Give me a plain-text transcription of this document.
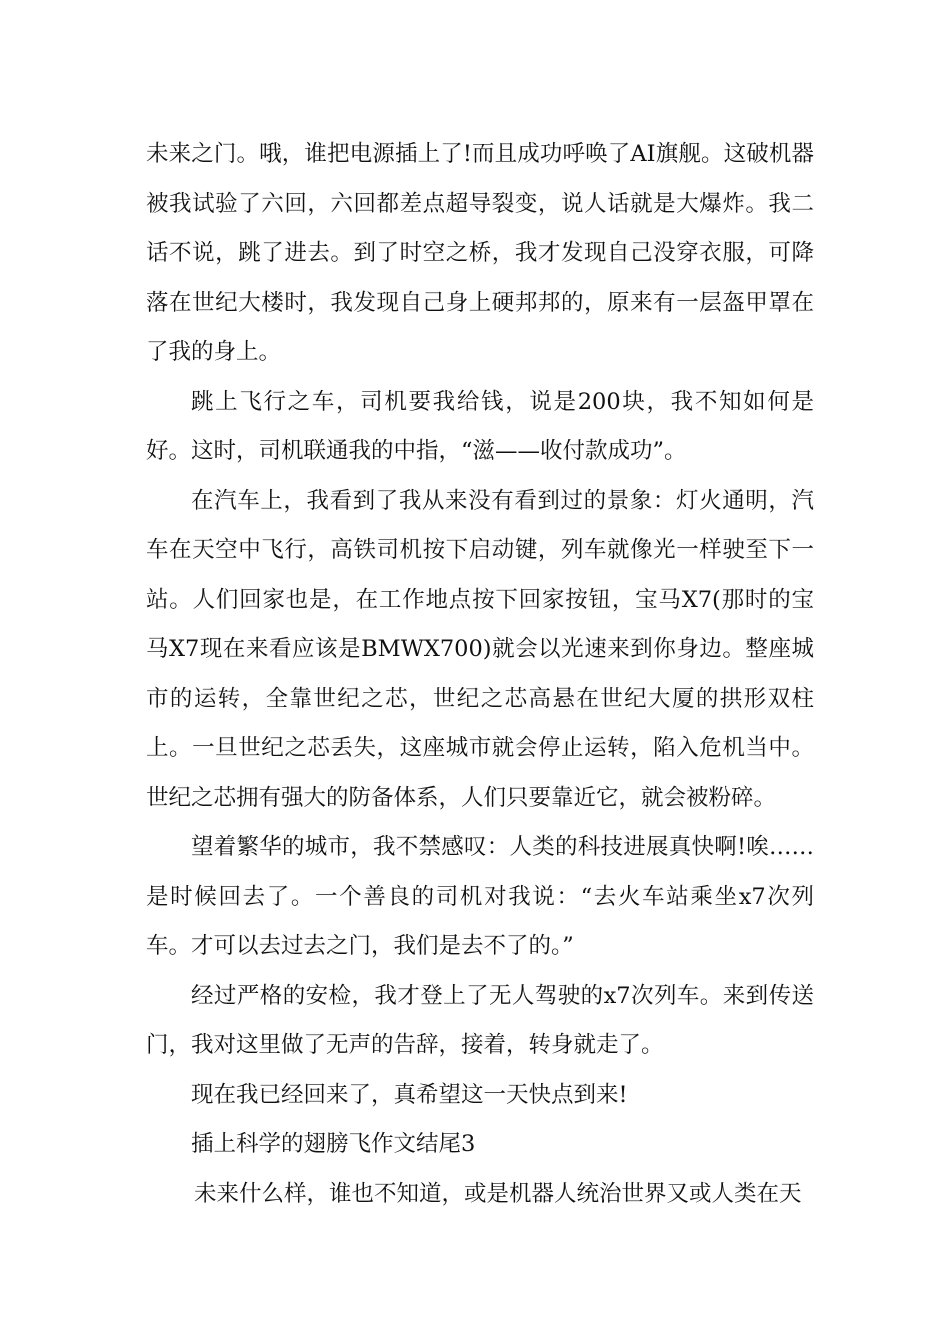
未来之门。哦，谁把电源插上了!而且成功呼唤了AI旗舰。这破机器被我试验了六回，六回都差点超导裂变，说人话就是大爆炸。我二话不说，跳了进去。到了时空之桥，我才发现自己没穿衣服，可降落在世纪大楼时，我发现自己身上硬邦邦的，原来有一层盔甲罩在了我的身上。

跳上飞行之车，司机要我给钱，说是200块，我不知如何是好。这时，司机联通我的中指，“滋——收付款成功”。

在汽车上，我看到了我从来没有看到过的景象：灯火通明，汽车在天空中飞行，高铁司机按下启动键，列车就像光一样驶至下一站。人们回家也是，在工作地点按下回家按钮，宝马X7(那时的宝马X7现在来看应该是BMWX700)就会以光速来到你身边。整座城市的运转，全靠世纪之芯，世纪之芯高悬在世纪大厦的拱形双柱上。一旦世纪之芯丢失，这座城市就会停止运转，陷入危机当中。世纪之芯拥有强大的防备体系，人们只要靠近它，就会被粉碎。

望着繁华的城市，我不禁感叹：人类的科技进展真快啊!唉……是时候回去了。一个善良的司机对我说：“去火车站乘坐x7次列车。才可以去过去之门，我们是去不了的。”

经过严格的安检，我才登上了无人驾驶的x7次列车。来到传送门，我对这里做了无声的告辞，接着，转身就走了。

现在我已经回来了，真希望这一天快点到来!

插上科学的翅膀飞作文结尾3

未来什么样，谁也不知道，或是机器人统治世界又或人类在天
